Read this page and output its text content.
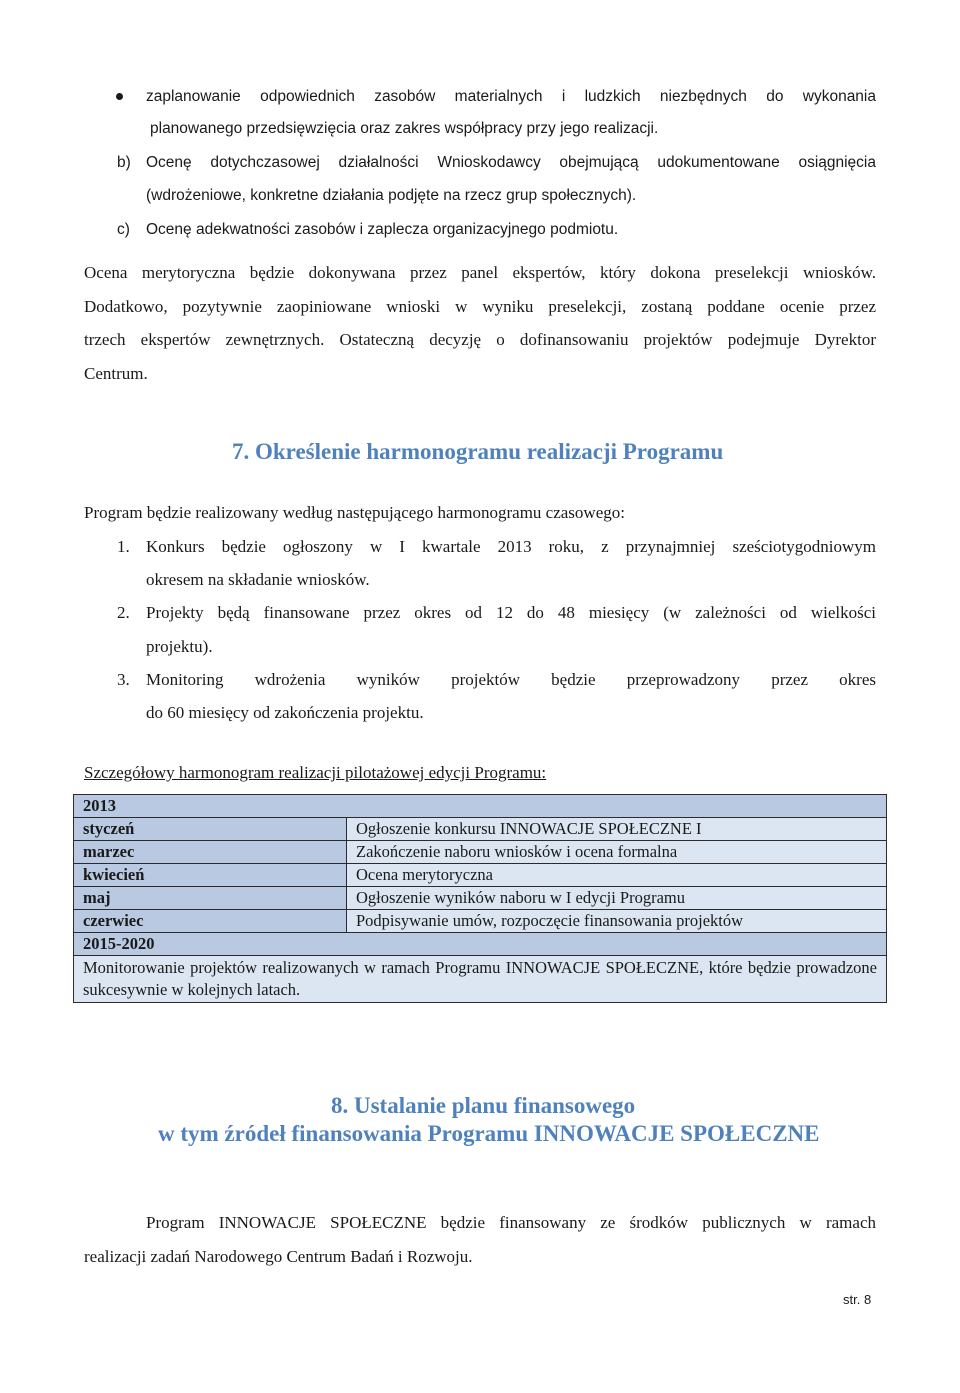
zaplanowanie odpowiednich zasobów materialnych i ludzkich niezbędnych do wykonania
planowanego przedsięwzięcia oraz zakres współpracy przy jego realizacji.
b) Ocenę dotychczasowej działalności Wnioskodawcy obejmującą udokumentowane osiągnięcia
(wdrożeniowe, konkretne działania podjęte na rzecz grup społecznych).
c) Ocenę adekwatności zasobów i zaplecza organizacyjnego podmiotu.
Ocena merytoryczna będzie dokonywana przez panel ekspertów, który dokona preselekcji wniosków.
Dodatkowo, pozytywnie zaopiniowane wnioski w wyniku preselekcji, zostaną poddane ocenie przez
trzech ekspertów zewnętrznych. Ostateczną decyzję o dofinansowaniu projektów podejmuje Dyrektor
Centrum.
7. Określenie harmonogramu realizacji Programu
Program będzie realizowany według następującego harmonogramu czasowego:
1. Konkurs będzie ogłoszony w I kwartale 2013 roku, z przynajmniej sześciotygodniowym
okresem na składanie wniosków.
2. Projekty będą finansowane przez okres od 12 do 48 miesięcy (w zależności od wielkości
projektu).
3. Monitoring wdrożenia wyników projektów będzie przeprowadzony przez okres
do 60 miesięcy od zakończenia projektu.
Szczegółowy harmonogram realizacji pilotażowej edycji Programu:
2013	
styczeń	Ogłoszenie konkursu INNOWACJE SPOŁECZNE I
marzec	Zakończenie naboru wniosków i ocena formalna
kwiecień	Ocena merytoryczna
maj	Ogłoszenie wyników naboru w I edycji Programu
czerwiec	Podpisywanie umów, rozpoczęcie finansowania projektów
2015-2020	
Monitorowanie projektów realizowanych w ramach Programu INNOWACJE SPOŁECZNE, które będzie prowadzone sukcesywnie w kolejnych latach.	
8. Ustalanie planu finansowego
w tym źródeł finansowania Programu INNOWACJE SPOŁECZNE
Program INNOWACJE SPOŁECZNE będzie finansowany ze środków publicznych w ramach
realizacji zadań Narodowego Centrum Badań i Rozwoju.
str. 8
